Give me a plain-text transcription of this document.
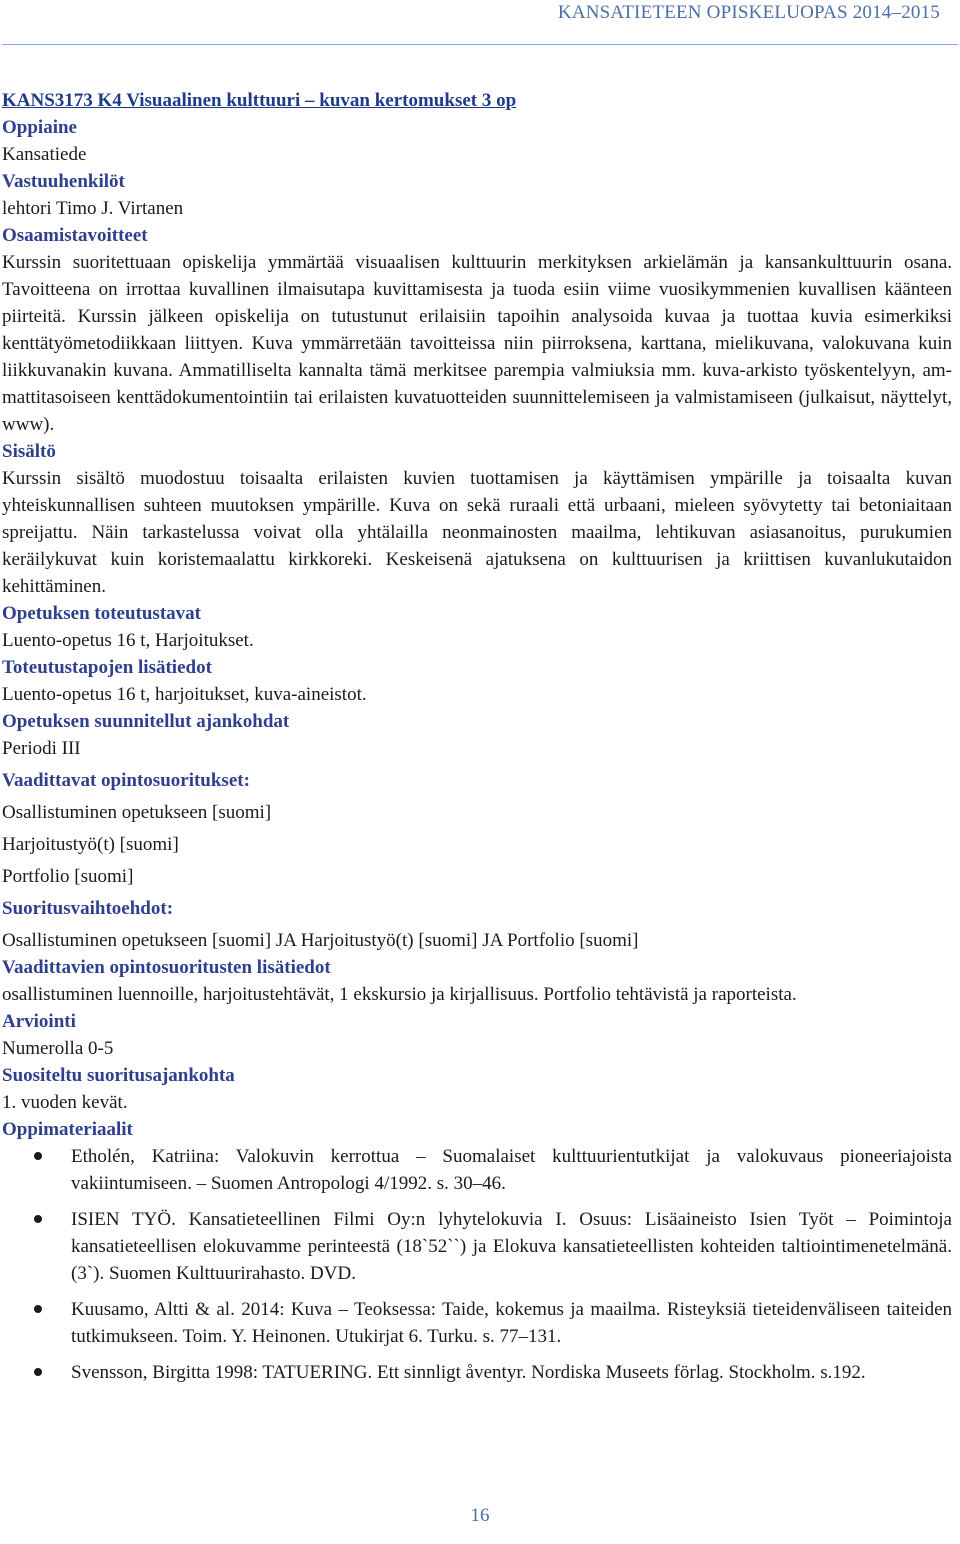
KANSATIETEEN OPISKELUOPAS 2014–2015

KANS3173 K4 Visuaalinen kulttuuri – kuvan kertomukset 3 op

Oppiaine

Kansatiede

Vastuuhenkilöt

lehtori Timo J. Virtanen

Osaamistavoitteet

Kurssin suoritettuaan opiskelija ymmärtää visuaalisen kulttuurin merkityksen arkielämän ja kansankulttuurin osana. Tavoitteena on irrottaa kuvallinen ilmaisutapa kuvittamisesta ja tuoda esiin viime vuosikymmenien kuvallisen käänteen piirteitä. Kurssin jälkeen opiskelija on tutustunut erilaisiin tapoihin analysoida kuvaa ja tuottaa kuvia esimerkiksi kenttätyömetodiikkaan liittyen. Kuva ymmärretään tavoitteissa niin piirroksena, karttana, mielikuvana, valokuvana kuin liikkuvanakin kuvana. Ammatilliselta kannalta tämä merkitsee parempia valmiuksia mm. kuva-arkisto työskentelyyn, ammattitasoiseen kenttädokumentointiin tai erilaisten kuvatuotteiden suunnittelemiseen ja valmistamiseen (julkaisut, näyttelyt, www).

Sisältö

Kurssin sisältö muodostuu toisaalta erilaisten kuvien tuottamisen ja käyttämisen ympärille ja toisaalta kuvan yhteiskunnallisen suhteen muutoksen ympärille. Kuva on sekä ruraali että urbaani, mieleen syövytetty tai betoniaitaan spreijattu. Näin tarkastelussa voivat olla yhtälailla neonmainosten maailma, lehtikuvan asiasanoitus, purukumien keräilykuvat kuin koristemaalattu kirkkoreki. Keskeisenä ajatuksena on kulttuurisen ja kriittisen kuvanlukutaidon kehittäminen.

Opetuksen toteutustavat

Luento-opetus 16 t, Harjoitukset.

Toteutustapojen lisätiedot

Luento-opetus 16 t, harjoitukset, kuva-aineistot.

Opetuksen suunnitellut ajankohdat

Periodi III

Vaadittavat opintosuoritukset:

Osallistuminen opetukseen [suomi]

Harjoitustyö(t) [suomi]

Portfolio [suomi]

Suoritusvaihtoehdot:

Osallistuminen opetukseen [suomi] JA Harjoitustyö(t) [suomi] JA Portfolio [suomi]

Vaadittavien opintosuoritusten lisätiedot

osallistuminen luennoille, harjoitustehtävät, 1 ekskursio ja kirjallisuus. Portfolio tehtävistä ja raporteista.

Arviointi

Numerolla 0-5

Suositeltu suoritusajankohta

1. vuoden kevät.

Oppimateriaalit

Etholén, Katriina: Valokuvin kerrottua – Suomalaiset kulttuurientutkijat ja valokuvaus pioneeriajoista vakiintumiseen. – Suomen Antropologi 4/1992. s. 30–46.
ISIEN TYÖ. Kansatieteellinen Filmi Oy:n lyhytelokuvia I. Osuus: Lisäaineisto Isien Työt – Poimintoja kansatieteellisen elokuvamme perinteestä (18`52``) ja Elokuva kansatieteellisten kohteiden taltiointimenetelmänä. (3`). Suomen Kulttuurirahasto. DVD.
Kuusamo, Altti & al. 2014: Kuva – Teoksessa: Taide, kokemus ja maailma. Risteyksiä tieteidenväliseen taiteiden tutkimukseen. Toim. Y. Heinonen. Utukirjat 6. Turku. s. 77–131.
Svensson, Birgitta 1998: TATUERING. Ett sinnligt åventyr. Nordiska Museets förlag. Stockholm. s.192.
16
